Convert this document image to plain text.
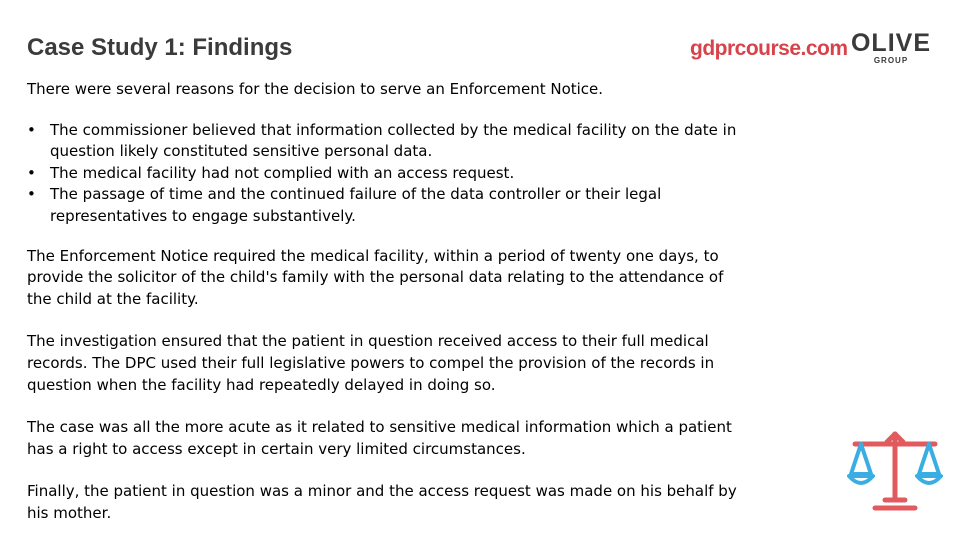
Case Study 1: Findings	gdprcourse.com OLIVE
GROUP

There were several reasons for the decision to serve an Enforcement Notice.

• The commissioner believed that information collected by the medical facility on the date in question likely constituted sensitive personal data.
• The medical facility had not complied with an access request.
• The passage of time and the continued failure of the data controller or their legal representatives to engage substantively.

The Enforcement Notice required the medical facility, within a period of twenty one days, to provide the solicitor of the child's family with the personal data relating to the attendance of the child at the facility.

The investigation ensured that the patient in question received access to their full medical records. The DPC used their full legislative powers to compel the provision of the records in question when the facility had repeatedly delayed in doing so.

The case was all the more acute as it related to sensitive medical information which a patient has a right to access except in certain very limited circumstances.

Finally, the patient in question was a minor and the access request was made on his behalf by his mother.
